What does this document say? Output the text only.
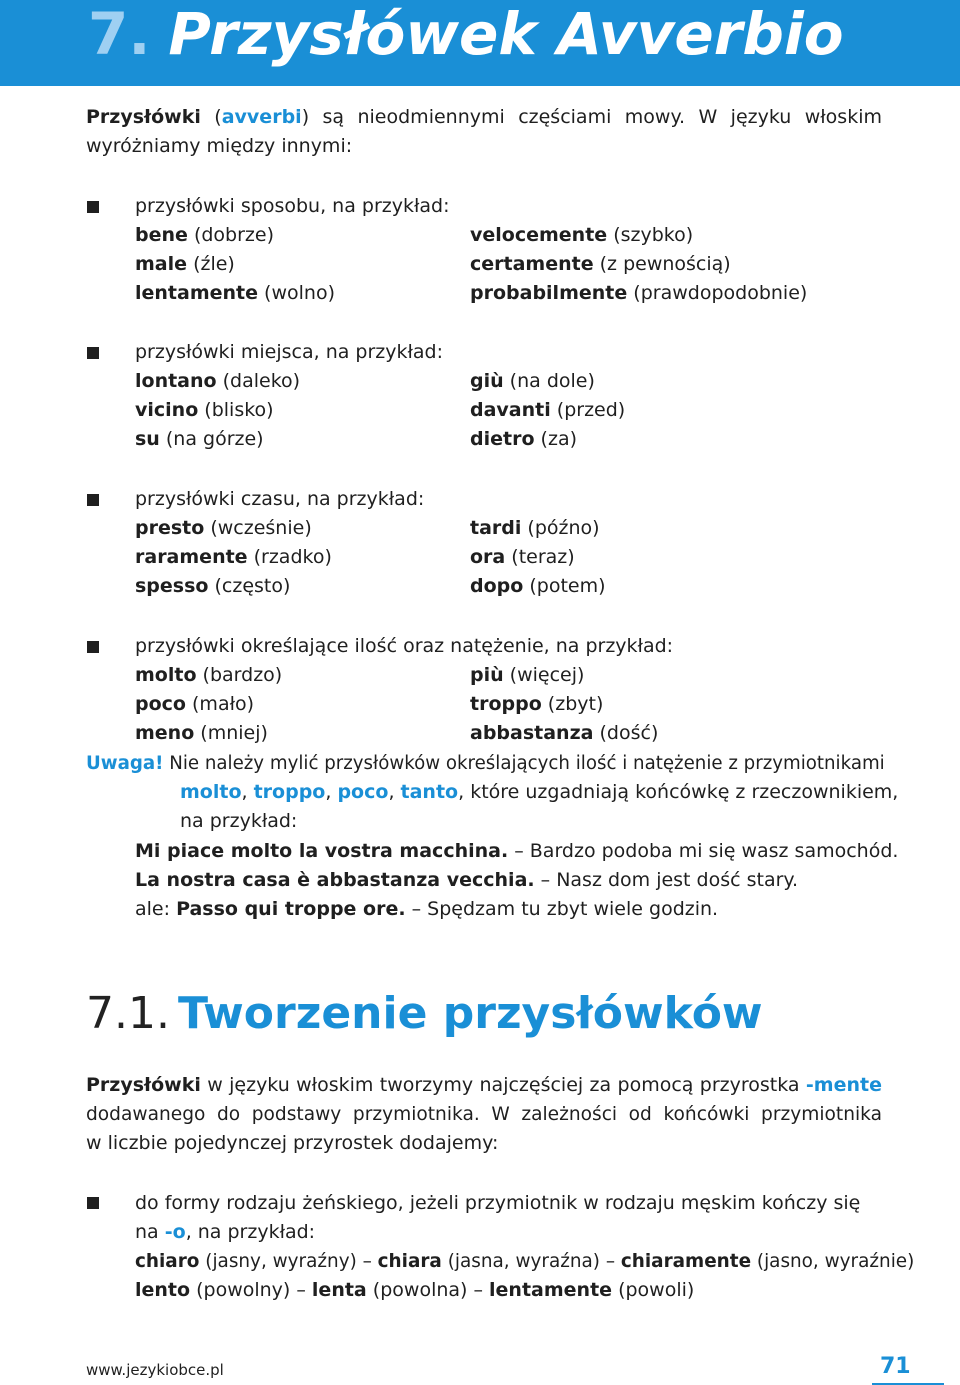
7. Przysłówek Avverbio
Przysłówki (avverbi) są nieodmiennymi częściami mowy. W języku włoskim
wyróżniamy między innymi:
przysłówki sposobu, na przykład:
bene (dobrze)
male (źle)
lentamente (wolno)
velocemente (szybko)
certamente (z pewnością)
probabilmente (prawdopodobnie)
przysłówki miejsca, na przykład:
lontano (daleko)
vicino (blisko)
su (na górze)
giù (na dole)
davanti (przed)
dietro (za)
przysłówki czasu, na przykład:
presto (wcześnie)
raramente (rzadko)
spesso (często)
tardi (późno)
ora (teraz)
dopo (potem)
przysłówki określające ilość oraz natężenie, na przykład:
molto (bardzo)
poco (mało)
meno (mniej)
più (więcej)
troppo (zbyt)
abbastanza (dość)
Uwaga! Nie należy mylić przysłówków określających ilość i natężenie z przymiotnikami
molto, troppo, poco, tanto, które uzgadniają końcówkę z rzeczownikiem,
na przykład:
Mi piace molto la vostra macchina. – Bardzo podoba mi się wasz samochód.
La nostra casa è abbastanza vecchia. – Nasz dom jest dość stary.
ale: Passo qui troppe ore. – Spędzam tu zbyt wiele godzin.
7.1. Tworzenie przysłówków
Przysłówki w języku włoskim tworzymy najczęściej za pomocą przyrostka -mente
dodawanego do podstawy przymiotnika. W zależności od końcówki przymiotnika
w liczbie pojedynczej przyrostek dodajemy:
do formy rodzaju żeńskiego, jeżeli przymiotnik w rodzaju męskim kończy się
na -o, na przykład:
chiaro (jasny, wyraźny) – chiara (jasna, wyraźna) – chiaramente (jasno, wyraźnie)
lento (powolny) – lenta (powolna) – lentamente (powoli)
www.jezykiobce.pl	71
